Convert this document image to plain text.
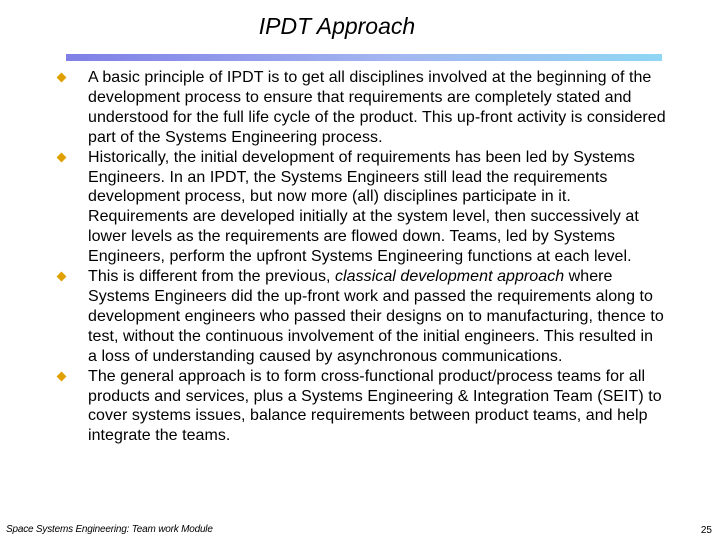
IPDT Approach
A basic principle of IPDT is to get all disciplines involved at the beginning of the development process to ensure that requirements are completely stated and understood for the full life cycle of the product. This up-front activity is considered part of the Systems Engineering process.
Historically, the initial development of requirements has been led by Systems Engineers. In an IPDT, the Systems Engineers still lead the requirements development process, but now more (all) disciplines participate in it. Requirements are developed initially at the system level, then successively at lower levels as the requirements are flowed down. Teams, led by Systems Engineers, perform the upfront Systems Engineering functions at each level.
This is different from the previous, classical development approach where Systems Engineers did the up-front work and passed the requirements along to development engineers who passed their designs on to manufacturing, thence to test, without the continuous involvement of the initial engineers. This resulted in a loss of understanding caused by asynchronous communications.
The general approach is to form cross-functional product/process teams for all products and services, plus a Systems Engineering & Integration Team (SEIT) to cover systems issues, balance requirements between product teams, and help integrate the teams.
Space Systems Engineering: Team work Module	25
